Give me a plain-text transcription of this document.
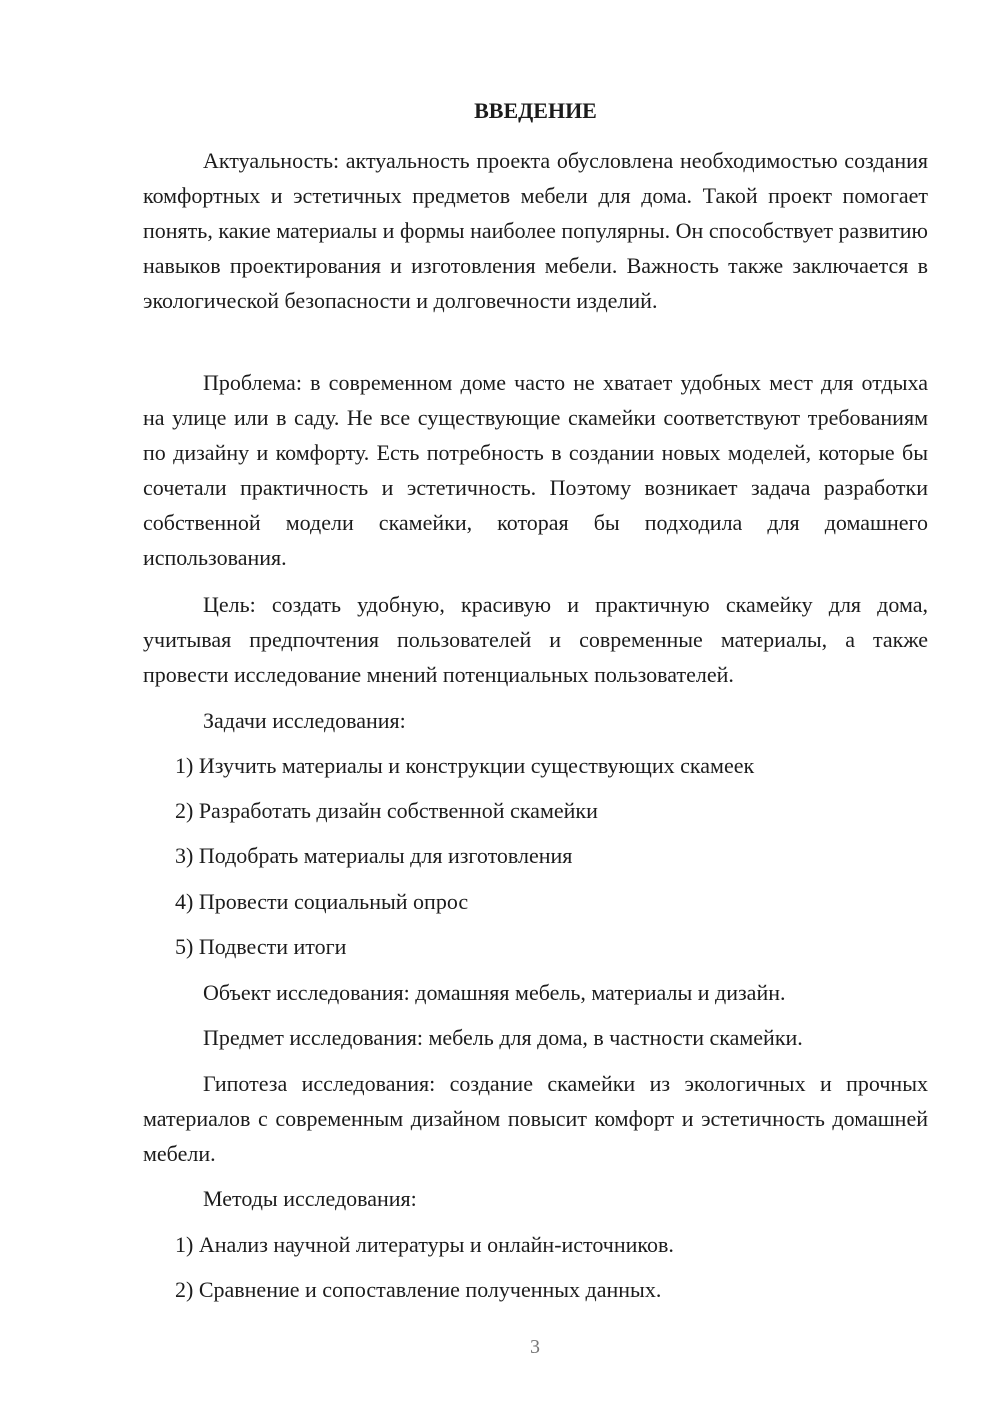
ВВЕДЕНИЕ

Актуальность: актуальность проекта обусловлена необходимостью создания комфортных и эстетичных предметов мебели для дома. Такой проект помогает понять, какие материалы и формы наиболее популярны. Он способствует развитию навыков проектирования и изготовления мебели. Важность также заключается в экологической безопасности и долговечности изделий.

Проблема: в современном доме часто не хватает удобных мест для отдыха на улице или в саду. Не все существующие скамейки соответствуют требованиям по дизайну и комфорту. Есть потребность в создании новых моделей, которые бы сочетали практичность и эстетичность. Поэтому возникает задача разработки собственной модели скамейки, которая бы подходила для домашнего использования.

Цель: создать удобную, красивую и практичную скамейку для дома, учитывая предпочтения пользователей и современные материалы, а также провести исследование мнений потенциальных пользователей.

Задачи исследования:

1) Изучить материалы и конструкции существующих скамеек

2) Разработать дизайн собственной скамейки

3) Подобрать материалы для изготовления

4) Провести социальный опрос

5) Подвести итоги

Объект исследования: домашняя мебель, материалы и дизайн.

Предмет исследования: мебель для дома, в частности скамейки.

Гипотеза исследования: создание скамейки из экологичных и прочных материалов с современным дизайном повысит комфорт и эстетичность домашней мебели.

Методы исследования:

1) Анализ научной литературы и онлайн-источников.

2) Сравнение и сопоставление полученных данных.

3
